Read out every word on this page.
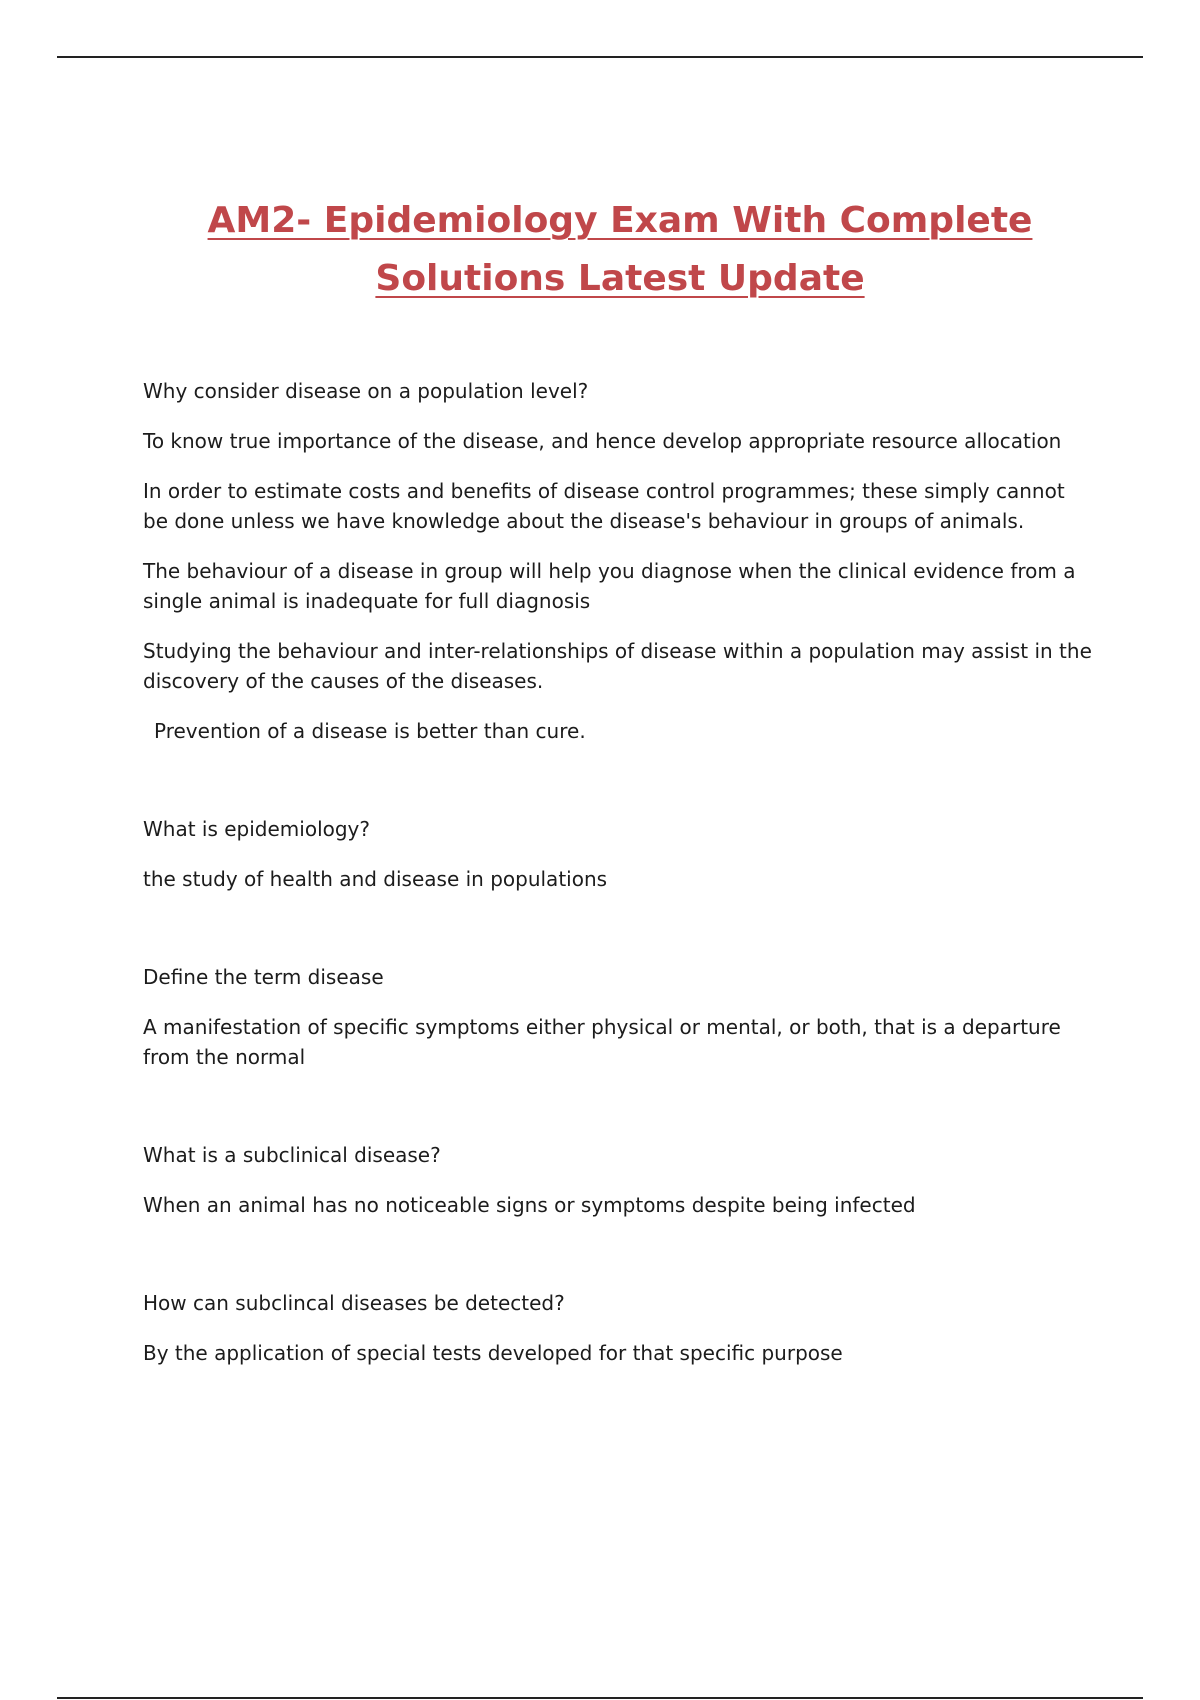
AM2- Epidemiology Exam With Complete
Solutions Latest Update

Why consider disease on a population level?

To know true importance of the disease, and hence develop appropriate resource allocation

In order to estimate costs and benefits of disease control programmes; these simply cannot be done unless we have knowledge about the disease's behaviour in groups of animals.

The behaviour of a disease in group will help you diagnose when the clinical evidence from a single animal is inadequate for full diagnosis

Studying the behaviour and inter-relationships of disease within a population may assist in the discovery of the causes of the diseases.

Prevention of a disease is better than cure.

What is epidemiology?

the study of health and disease in populations

Define the term disease

A manifestation of specific symptoms either physical or mental, or both, that is a departure from the normal

What is a subclinical disease?

When an animal has no noticeable signs or symptoms despite being infected

How can subclincal diseases be detected?

By the application of special tests developed for that specific purpose
